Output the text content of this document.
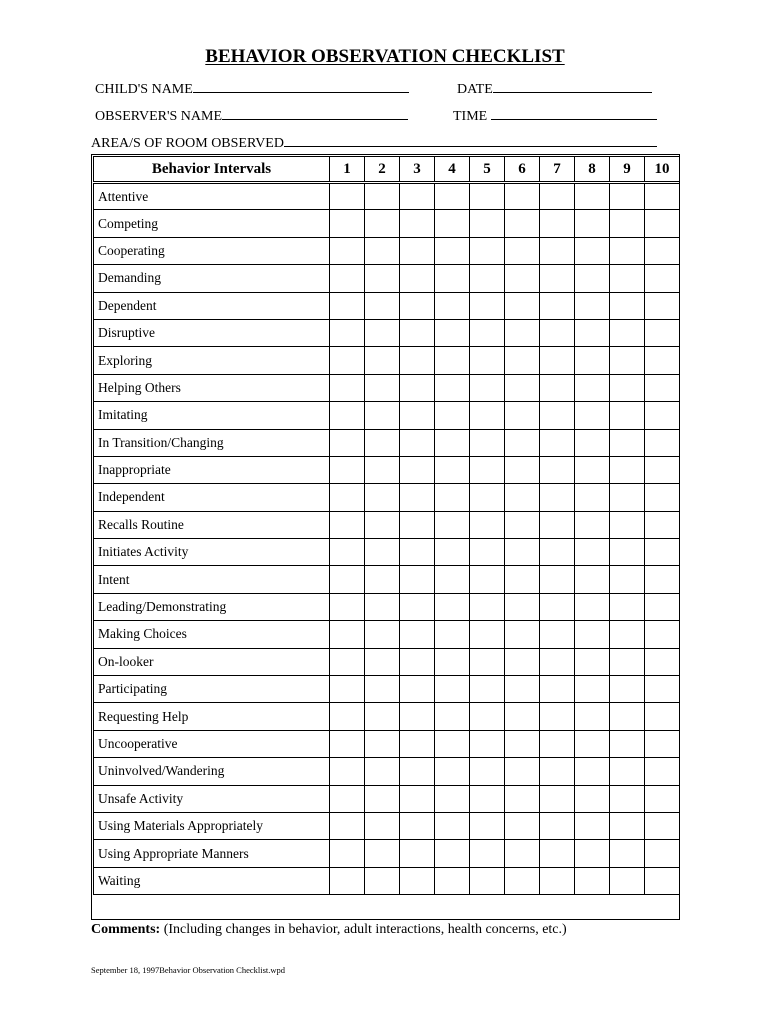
BEHAVIOR OBSERVATION CHECKLIST
CHILD'S NAME	DATE
OBSERVER'S NAME	TIME
AREA/S OF ROOM OBSERVED
Behavior Intervals	1	2	3	4	5	6	7	8	9	10
Attentive										
Competing										
Cooperating										
Demanding										
Dependent										
Disruptive										
Exploring										
Helping Others										
Imitating										
In Transition/Changing										
Inappropriate										
Independent										
Recalls Routine										
Initiates Activity										
Intent										
Leading/Demonstrating										
Making Choices										
On-looker										
Participating										
Requesting Help										
Uncooperative										
Uninvolved/Wandering										
Unsafe Activity										
Using Materials Appropriately										
Using Appropriate Manners										
Waiting										
Comments: (Including changes in behavior, adult interactions, health concerns, etc.)
September 18, 1997Behavior Observation Checklist.wpd
